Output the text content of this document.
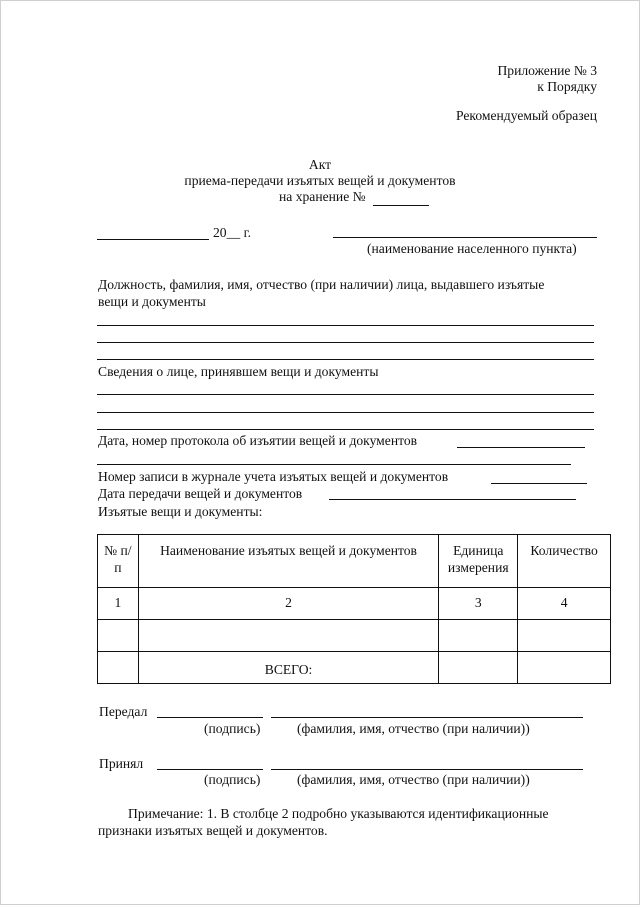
Приложение № 3
к Порядку
Рекомендуемый образец
Акт
приема-передачи изъятых вещей и документов
на хранение №
20__ г.
(наименование населенного пункта)
Должность, фамилия, имя, отчество (при наличии) лица, выдавшего изъятые
вещи и документы
Сведения о лице, принявшем вещи и документы
Дата, номер протокола об изъятии вещей и документов
Номер записи в журнале учета изъятых вещей и документов
Дата передачи вещей и документов
Изъятые вещи и документы:
№ п/п	Наименование изъятых вещей и документов	Единица измерения	Количество
1	2	3	4

	ВСЕГО:		
Передал
(подпись)	(фамилия, имя, отчество (при наличии))
Принял
(подпись)	(фамилия, имя, отчество (при наличии))
Примечание: 1. В столбце 2 подробно указываются идентификационные
признаки изъятых вещей и документов.
